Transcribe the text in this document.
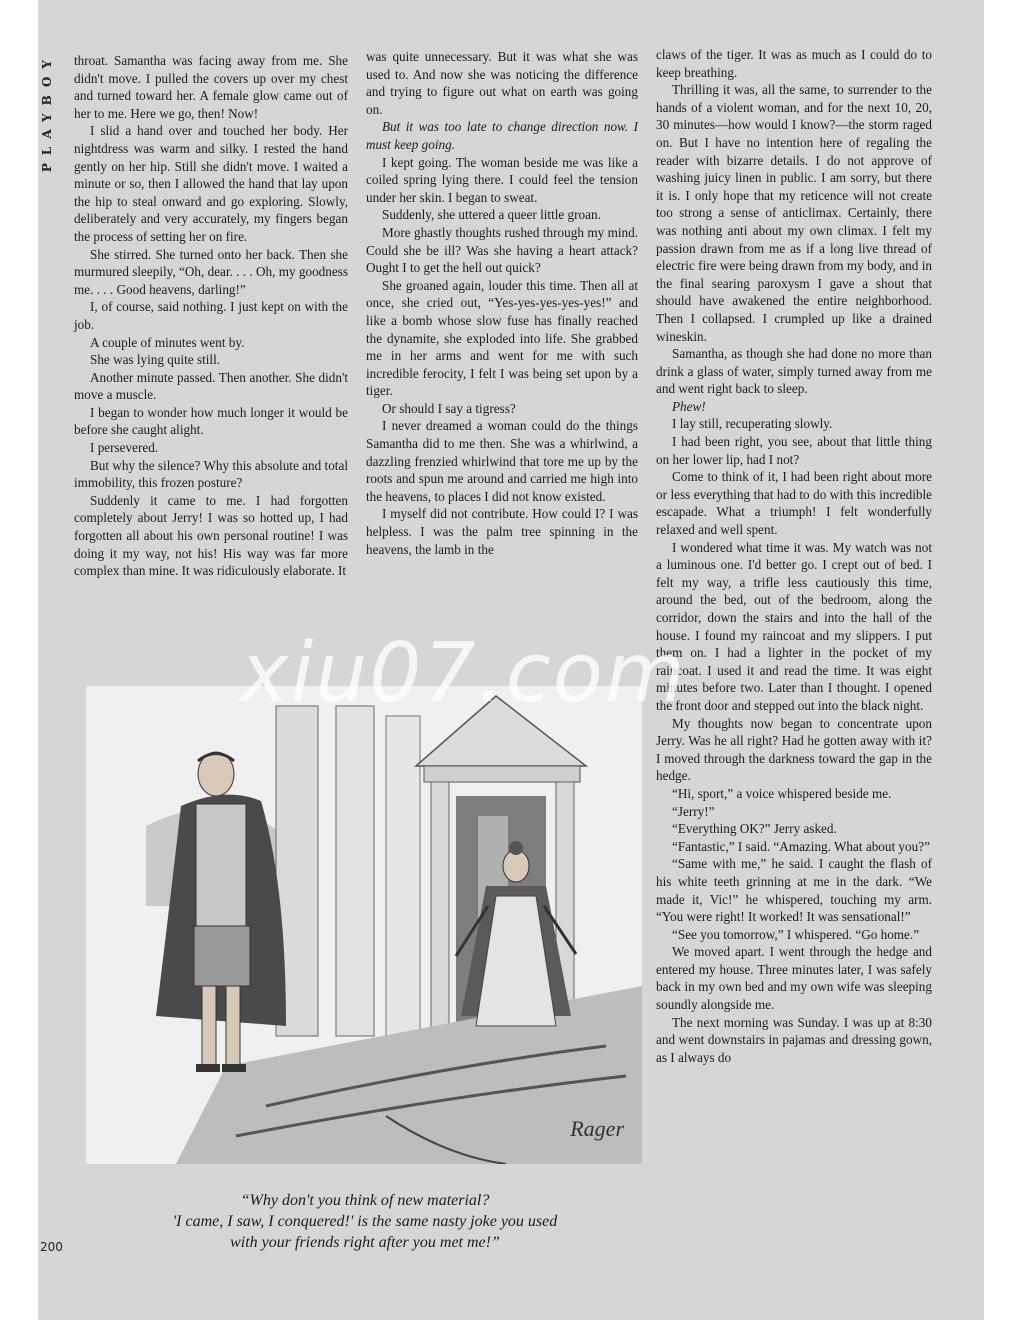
PLAYBOY throat. Samantha was facing away from me. She didn't move. I pulled the covers up over my chest and turned toward her. A female glow came out of her to me. Here we go, then! Now!

I slid a hand over and touched her body. Her nightdress was warm and silky. I rested the hand gently on her hip. Still she didn't move. I waited a minute or so, then I allowed the hand that lay upon the hip to steal onward and go exploring. Slowly, deliberately and very accurately, my fingers began the process of setting her on fire.

She stirred. She turned onto her back. Then she murmured sleepily, “Oh, dear. . . . Oh, my goodness me. . . . Good heavens, darling!”

I, of course, said nothing. I just kept on with the job.

A couple of minutes went by.

She was lying quite still.

Another minute passed. Then another. She didn't move a muscle.

I began to wonder how much longer it would be before she caught alight.

I persevered.

But why the silence? Why this absolute and total immobility, this frozen posture?

Suddenly it came to me. I had forgotten completely about Jerry! I was so hotted up, I had forgotten all about his own personal routine! I was doing it my way, not his! His way was far more complex than mine. It was ridiculously elaborate. It

was quite unnecessary. But it was what she was used to. And now she was noticing the difference and trying to figure out what on earth was going on.

But it was too late to change direction now. I must keep going.

I kept going. The woman beside me was like a coiled spring lying there. I could feel the tension under her skin. I began to sweat.

Suddenly, she uttered a queer little groan.

More ghastly thoughts rushed through my mind. Could she be ill? Was she having a heart attack? Ought I to get the hell out quick?

She groaned again, louder this time. Then all at once, she cried out, “Yes-yes-yes-yes-yes!” and like a bomb whose slow fuse has finally reached the dynamite, she exploded into life. She grabbed me in her arms and went for me with such incredible ferocity, I felt I was being set upon by a tiger.

Or should I say a tigress?

I never dreamed a woman could do the things Samantha did to me then. She was a whirlwind, a dazzling frenzied whirlwind that tore me up by the roots and spun me around and carried me high into the heavens, to places I did not know existed.

I myself did not contribute. How could I? I was helpless. I was the palm tree spinning in the heavens, the lamb in the

claws of the tiger. It was as much as I could do to keep breathing.

Thrilling it was, all the same, to surrender to the hands of a violent woman, and for the next 10, 20, 30 minutes—how would I know?—the storm raged on. But I have no intention here of regaling the reader with bizarre details. I do not approve of washing juicy linen in public. I am sorry, but there it is. I only hope that my reticence will not create too strong a sense of anticlimax. Certainly, there was nothing anti about my own climax. I felt my passion drawn from me as if a long live thread of electric fire were being drawn from my body, and in the final searing paroxysm I gave a shout that should have awakened the entire neighborhood. Then I collapsed. I crumpled up like a drained wineskin.

Samantha, as though she had done no more than drink a glass of water, simply turned away from me and went right back to sleep.

Phew!

I lay still, recuperating slowly.

I had been right, you see, about that little thing on her lower lip, had I not?

Come to think of it, I had been right about more or less everything that had to do with this incredible escapade. What a triumph! I felt wonderfully relaxed and well spent.

I wondered what time it was. My watch was not a luminous one. I'd better go. I crept out of bed. I felt my way, a trifle less cautiously this time, around the bed, out of the bedroom, along the corridor, down the stairs and into the hall of the house. I found my raincoat and my slippers. I put them on. I had a lighter in the pocket of my raincoat. I used it and read the time. It was eight minutes before two. Later than I thought. I opened the front door and stepped out into the black night.

My thoughts now began to concentrate upon Jerry. Was he all right? Had he gotten away with it? I moved through the darkness toward the gap in the hedge.

“Hi, sport,” a voice whispered beside me.

“Jerry!”

“Everything OK?” Jerry asked.

“Fantastic,” I said. “Amazing. What about you?”

“Same with me,” he said. I caught the flash of his white teeth grinning at me in the dark. “We made it, Vic!” he whispered, touching my arm. “You were right! It worked! It was sensational!”

“See you tomorrow,” I whispered. “Go home.”

We moved apart. I went through the hedge and entered my house. Three minutes later, I was safely back in my own bed and my own wife was sleeping soundly alongside me.

The next morning was Sunday. I was up at 8:30 and went downstairs in pajamas and dressing gown, as I always do

Rager
“Why don't you think of new material?
'I came, I saw, I conquered!' is the same nasty joke you used
with your friends right after you met me!”
200
xiu07.com
